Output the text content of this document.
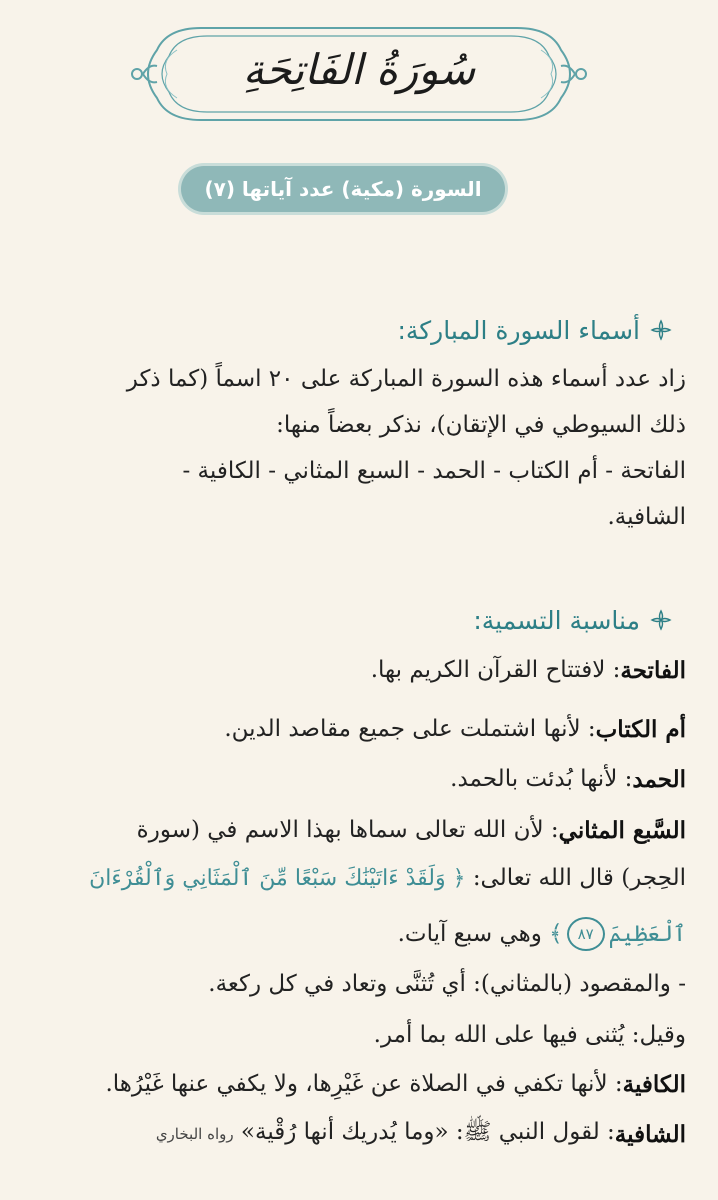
سُورَةُ الفَاتِحَةِ
السورة (مكية) عدد آياتها (٧)
أسماء السورة المباركة:
زاد عدد أسماء هذه السورة المباركة على ٢٠ اسماً (كما ذكر
ذلك السيوطي في الإتقان)، نذكر بعضاً منها:
الفاتحة - أم الكتاب - الحمد - السبع المثاني - الكافية -
الشافية.
مناسبة التسمية:
الفاتحة
: لافتتاح القرآن الكريم بها.
أم الكتاب
: لأنها اشتملت على جميع مقاصد الدين.
الحمد
: لأنها بُدئت بالحمد.
السَّبع المثاني
: لأن الله تعالى سماها بهذا الاسم في (سورة
الحِجر) قال الله تعالى:

﴿ وَلَقَدْ ءَاتَيْنَٰكَ سَبْعًا مِّنَ ٱلْمَثَانِي وَٱلْقُرْءَانَ
ٱلْعَظِيمَ
٨٧
﴾

وهي سبع آيات.
- والمقصود (بالمثاني): أي تُثنَّى وتعاد في كل ركعة.
وقيل: يُثنى فيها على الله بما أمر.
الكافية
: لأنها تكفي في الصلاة عن غَيْرِها، ولا يكفي عنها غَيْرُها.
الشافية
: لقول النبي ﷺ: «وما يُدريك أنها رُقْية»

رواه البخاري
